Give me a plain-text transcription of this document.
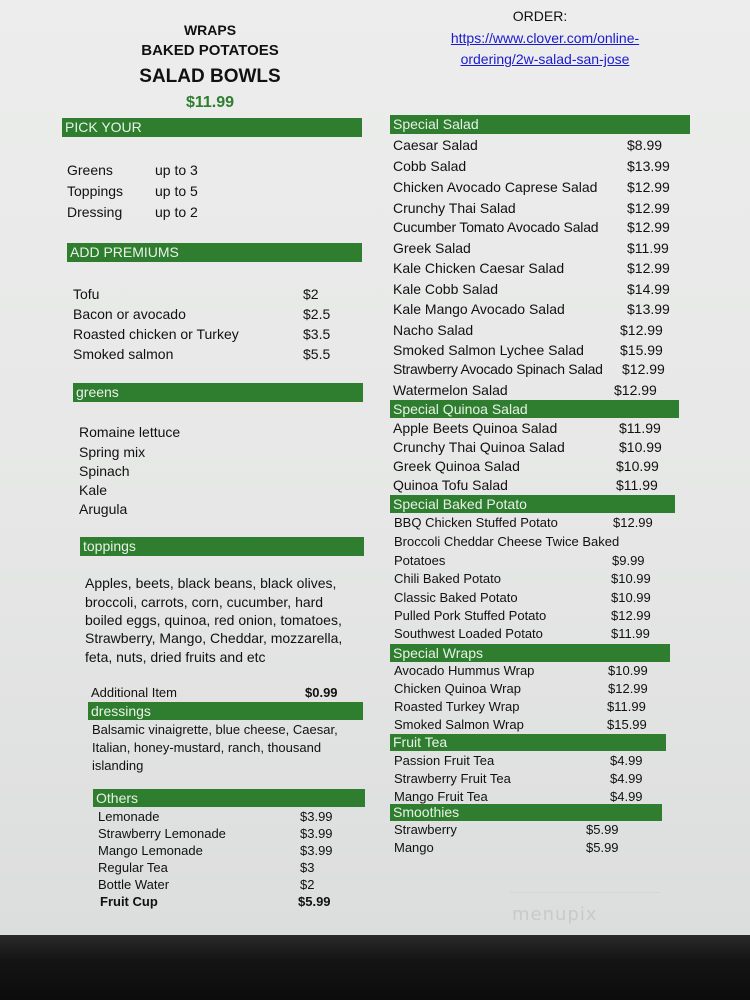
WRAPS
BAKED POTATOES
SALAD BOWLS
$11.99
ORDER:
https://www.clover.com/online-
ordering/2w-salad-san-jose
PICK YOUR
Greens	up to 3
Toppings up to 5
Dressing up to 2
ADD PREMIUMS
Tofu	$2
Bacon or avocado	$2.5
Roasted chicken or Turkey	$3.5
Smoked salmon	$5.5
greens
Romaine lettuce
Spring mix
Spinach
Kale
Arugula
toppings
Apples, beets, black beans, black olives,
broccoli, carrots, corn, cucumber, hard
boiled eggs, quinoa, red onion, tomatoes,
Strawberry, Mango, Cheddar, mozzarella,
feta, nuts, dried fruits and etc
Additional Item	$0.99
dressings
Balsamic vinaigrette, blue cheese, Caesar,
Italian, honey-mustard, ranch, thousand
islanding
Others
Lemonade	$3.99
Strawberry Lemonade	$3.99
Mango Lemonade	$3.99
Regular Tea	$3
Bottle Water	$2
Fruit Cup	$5.99
Special Salad
Caesar Salad	$8.99
Cobb Salad	$13.99
Chicken Avocado Caprese Salad $12.99
Crunchy Thai Salad	$12.99
Cucumber Tomato Avocado Salad $12.99
Greek Salad	$11.99
Kale Chicken Caesar Salad	$12.99
Kale Cobb Salad	$14.99
Kale Mango Avocado Salad	$13.99
Nacho Salad	$12.99
Smoked Salmon Lychee Salad	$15.99
Strawberry Avocado Spinach Salad $12.99
Watermelon Salad	$12.99
Special Quinoa Salad
Apple Beets Quinoa Salad	$11.99
Crunchy Thai Quinoa Salad	$10.99
Greek Quinoa Salad	$10.99
Quinoa Tofu Salad	$11.99
Special Baked Potato
BBQ Chicken Stuffed Potato	$12.99
Broccoli Cheddar Cheese Twice Baked
Potatoes	$9.99
Chili Baked Potato	$10.99
Classic Baked Potato	$10.99
Pulled Pork Stuffed Potato	$12.99
Southwest Loaded Potato	$11.99
Special Wraps
Avocado Hummus Wrap	$10.99
Chicken Quinoa Wrap	$12.99
Roasted Turkey Wrap	$11.99
Smoked Salmon Wrap	$15.99
Fruit Tea
Passion Fruit Tea	$4.99
Strawberry Fruit Tea	$4.99
Mango Fruit Tea	$4.99
Smoothies
Strawberry	$5.99
Mango	$5.99
menupix
